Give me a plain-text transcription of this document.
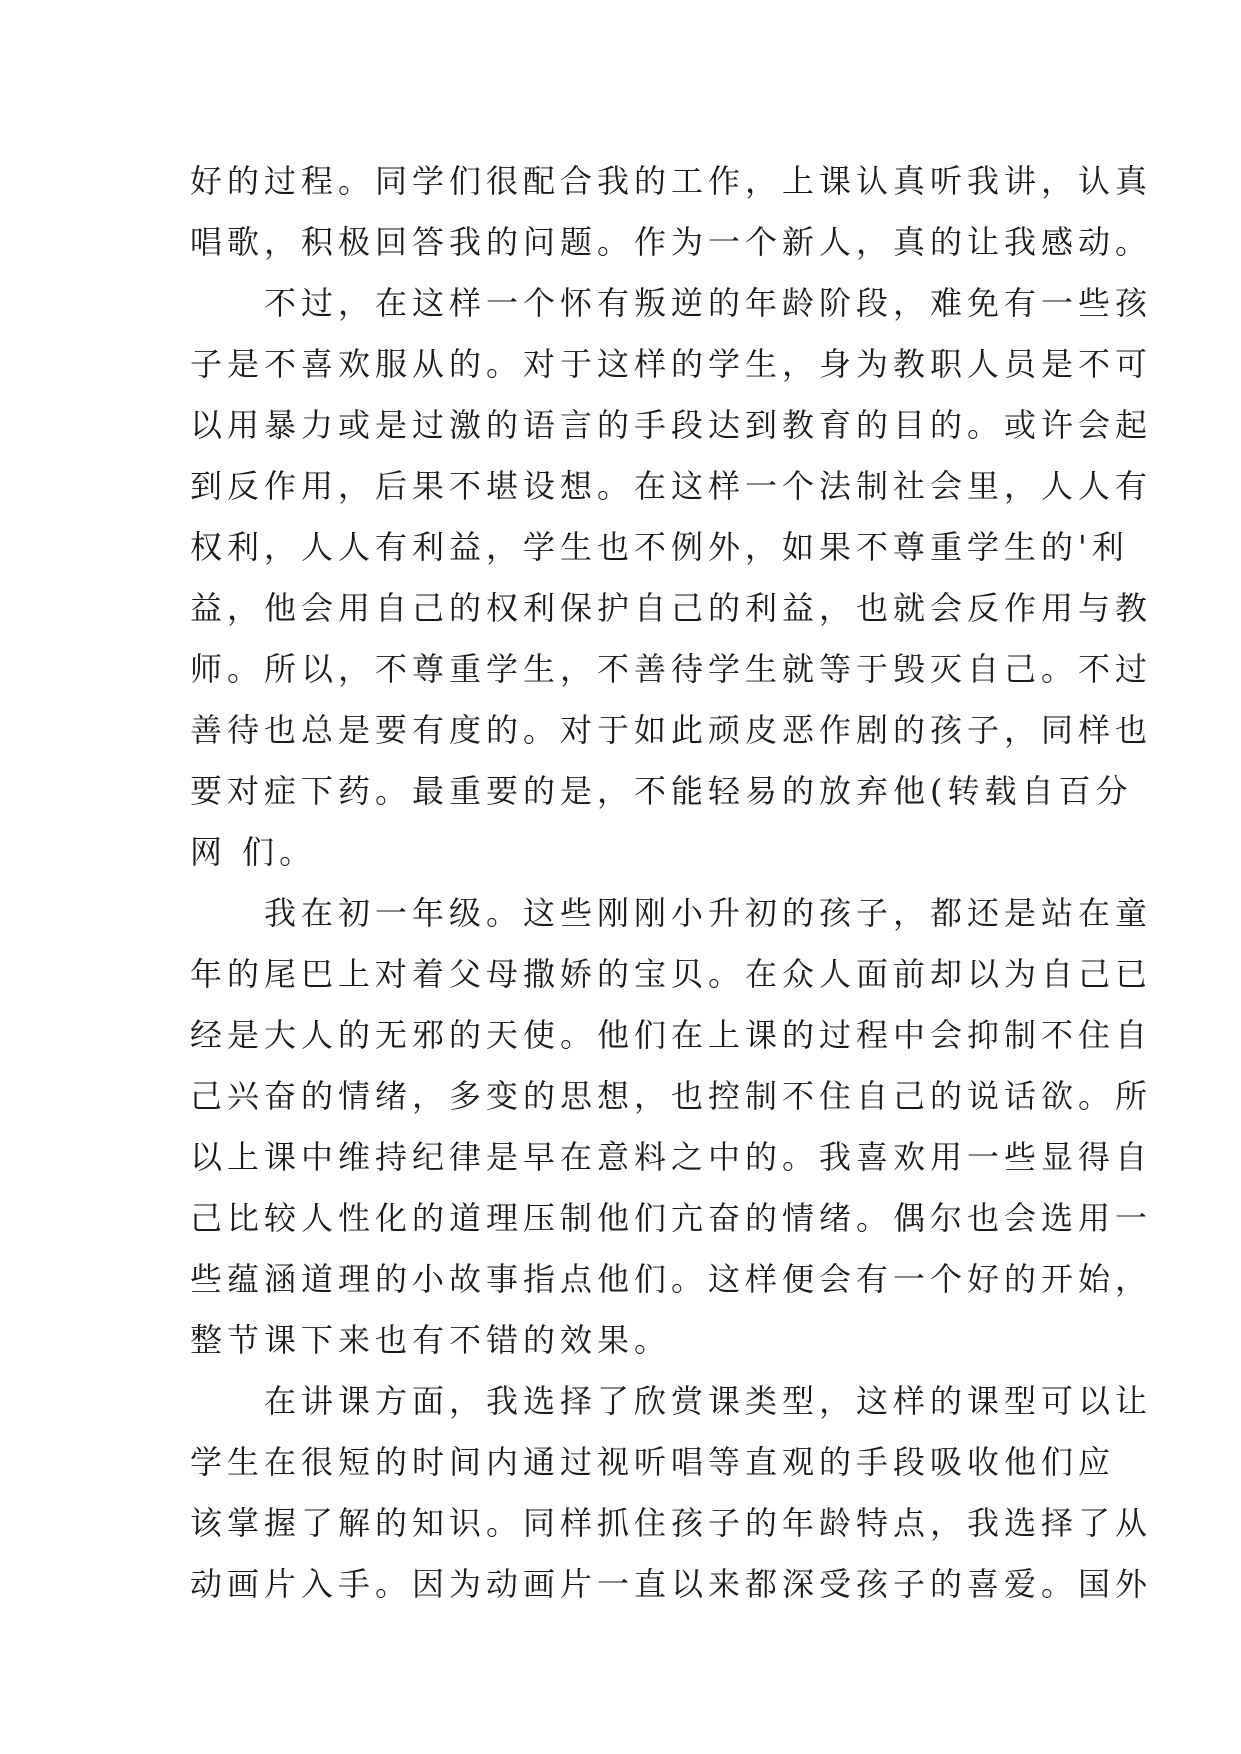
好的过程。同学们很配合我的工作，上课认真听我讲，认真
唱歌，积极回答我的问题。作为一个新人，真的让我感动。
　　不过，在这样一个怀有叛逆的年龄阶段，难免有一些孩
子是不喜欢服从的。对于这样的学生，身为教职人员是不可
以用暴力或是过激的语言的手段达到教育的目的。或许会起
到反作用，后果不堪设想。在这样一个法制社会里，人人有
权利，人人有利益，学生也不例外，如果不尊重学生的'利
益，他会用自己的权利保护自己的利益，也就会反作用与教
师。所以，不尊重学生，不善待学生就等于毁灭自己。不过
善待也总是要有度的。对于如此顽皮恶作剧的孩子，同样也
要对症下药。最重要的是，不能轻易的放弃他(转载自百分
网 们。
　　我在初一年级。这些刚刚小升初的孩子，都还是站在童
年的尾巴上对着父母撒娇的宝贝。在众人面前却以为自己已
经是大人的无邪的天使。他们在上课的过程中会抑制不住自
己兴奋的情绪，多变的思想，也控制不住自己的说话欲。所
以上课中维持纪律是早在意料之中的。我喜欢用一些显得自
己比较人性化的道理压制他们亢奋的情绪。偶尔也会选用一
些蕴涵道理的小故事指点他们。这样便会有一个好的开始，
整节课下来也有不错的效果。
　　在讲课方面，我选择了欣赏课类型，这样的课型可以让
学生在很短的时间内通过视听唱等直观的手段吸收他们应
该掌握了解的知识。同样抓住孩子的年龄特点，我选择了从
动画片入手。因为动画片一直以来都深受孩子的喜爱。国外
